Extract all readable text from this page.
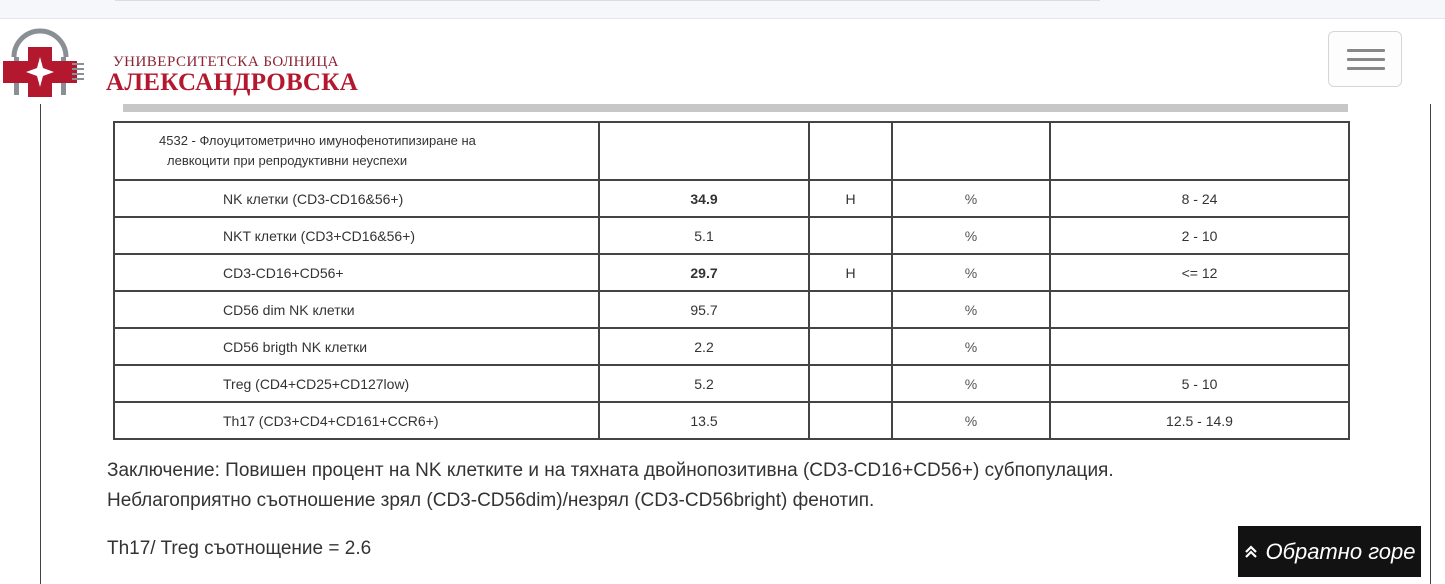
УНИВЕРСИТЕТСКА БОЛНИЦА
АЛЕКСАНДРОВСКА
4532 - Флоуцитометрично имунофенотипизиране на
левкоцити при репродуктивни неуспехи				

NK клетки (CD3-CD16&56+)	34.9	Н	%	8 - 24
NKT клетки (CD3+CD16&56+)	5.1		%	2 - 10
CD3-CD16+CD56+	29.7	Н	%	<= 12
CD56 dim NK клетки	95.7		%	
CD56 brigth NK клетки	2.2		%	
Treg (CD4+CD25+CD127low)	5.2		%	5 - 10
Th17 (CD3+CD4+CD161+CCR6+)	13.5		%	12.5 - 14.9
Заключение: Повишен процент на NK клетките и на тяхната двойнопозитивна (CD3-CD16+CD56+) субпопулация.
Неблагоприятно съотношение зрял (CD3-CD56dim)/незрял (CD3-CD56bright) фенотип.
Th17/ Treg съотнощение = 2.6	Обратно горе
